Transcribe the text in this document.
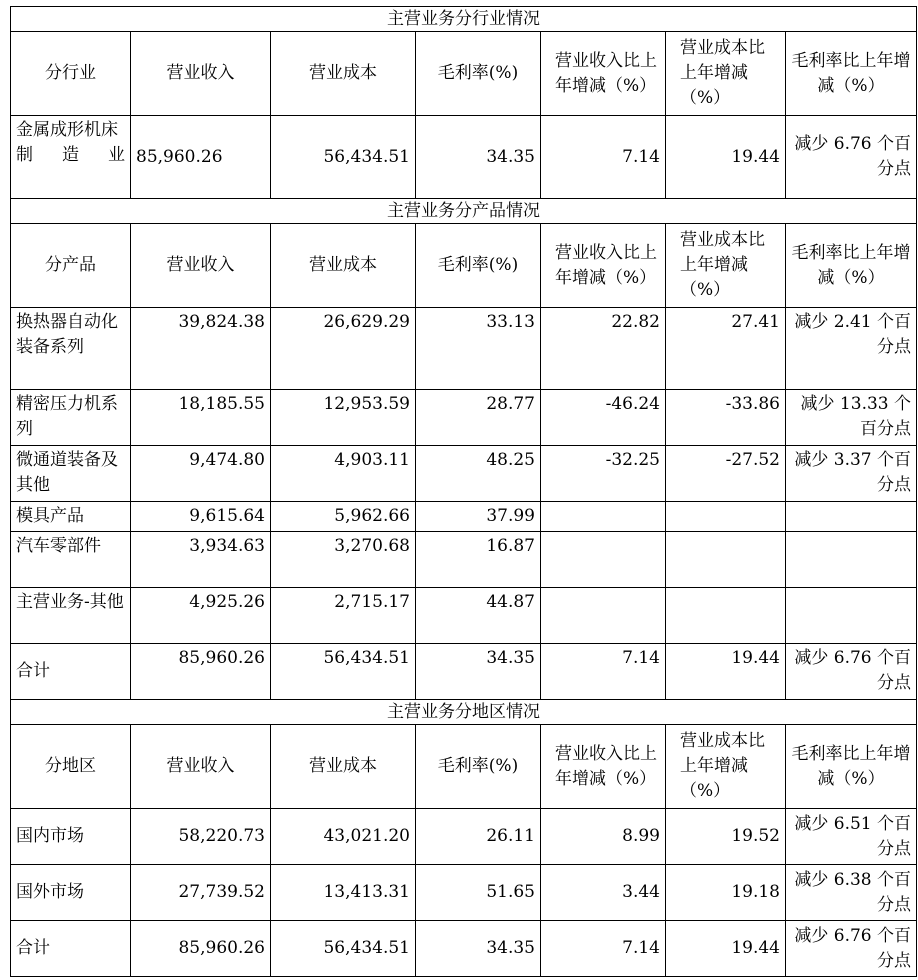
主营业务分行业情况						
分行业	营业收入	营业成本	毛利率(%)	营业收入比上年增减（%）	营业成本比上年增减（%）	毛利率比上年增减（%）
金属成形机床制造业	85,960.26	56,434.51	34.35	7.14	19.44	减少 6.76 个百分点
主营业务分产品情况						
分产品	营业收入	营业成本	毛利率(%)	营业收入比上年增减（%）	营业成本比上年增减（%）	毛利率比上年增减（%）
换热器自动化装备系列	39,824.38	26,629.29	33.13	22.82	27.41	减少 2.41 个百分点
精密压力机系列	18,185.55	12,953.59	28.77	-46.24	-33.86	减少 13.33 个百分点
微通道装备及其他	9,474.80	4,903.11	48.25	-32.25	-27.52	减少 3.37 个百分点
模具产品	9,615.64	5,962.66	37.99			
汽车零部件	3,934.63	3,270.68	16.87			
主营业务-其他	4,925.26	2,715.17	44.87			
合计	85,960.26	56,434.51	34.35	7.14	19.44	减少 6.76 个百分点
主营业务分地区情况						
分地区	营业收入	营业成本	毛利率(%)	营业收入比上年增减（%）	营业成本比上年增减（%）	毛利率比上年增减（%）
国内市场	58,220.73	43,021.20	26.11	8.99	19.52	减少 6.51 个百分点
国外市场	27,739.52	13,413.31	51.65	3.44	19.18	减少 6.38 个百分点
合计	85,960.26	56,434.51	34.35	7.14	19.44	减少 6.76 个百分点
